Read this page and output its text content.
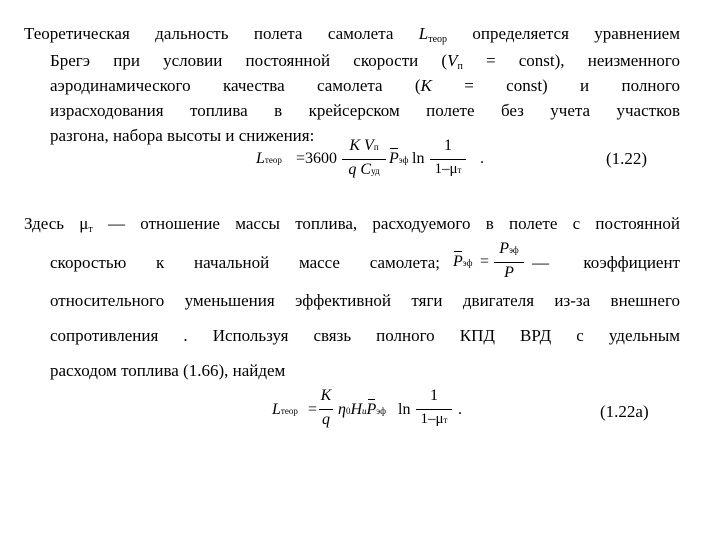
Теоретическая дальность полета самолета $L_{теор}$ определяется уравнением
Брегэ при условии постоянной скорости ($V_п$ = const), неизменного
аэродинамического качества самолета (K = const) и полного
израсходования топлива в крейсерском полете без учета участков
разгона, набора высоты и снижения:
Lтеор =3600
K Vп
q Cуд
Pэф ln
1
1–μт
.	(1.22)
Здесь $\mu_т$ — отношение массы топлива, расходуемого в полете с постоянной
скоростью к начальной массе самолета; Pэф =
Pэф
P
— коэффициент
относительного уменьшения эффективной тяги двигателя из-за внешнего
сопротивления . Используя связь полного КПД ВРД с удельным
расходом топлива (1.66), найдем
Lтеор =
K
q
η0HиPэф ln
1
1–μт
.	(1.22а)
